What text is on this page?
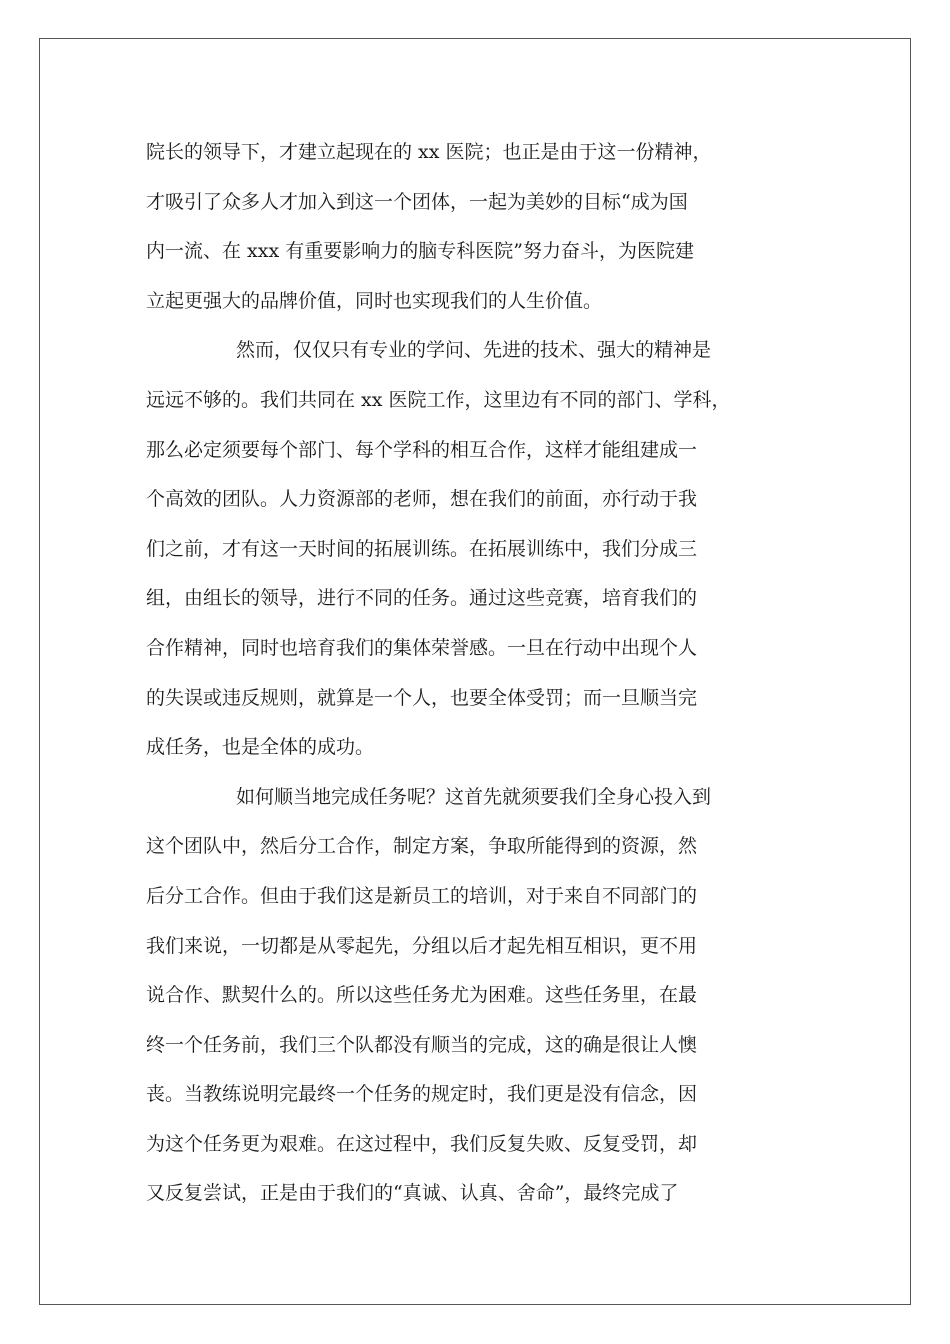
院长的领导下，才建立起现在的 xx 医院；也正是由于这一份精神，
才吸引了众多人才加入到这一个团体，一起为美妙的目标“成为国
内一流、在 xxx 有重要影响力的脑专科医院”努力奋斗，为医院建
立起更强大的品牌价值，同时也实现我们的人生价值。
然而，仅仅只有专业的学问、先进的技术、强大的精神是
远远不够的。我们共同在 xx 医院工作，这里边有不同的部门、学科，
那么必定须要每个部门、每个学科的相互合作，这样才能组建成一
个高效的团队。人力资源部的老师，想在我们的前面，亦行动于我
们之前，才有这一天时间的拓展训练。在拓展训练中，我们分成三
组，由组长的领导，进行不同的任务。通过这些竞赛，培育我们的
合作精神，同时也培育我们的集体荣誉感。一旦在行动中出现个人
的失误或违反规则，就算是一个人，也要全体受罚；而一旦顺当完
成任务，也是全体的成功。
如何顺当地完成任务呢？这首先就须要我们全身心投入到
这个团队中，然后分工合作，制定方案，争取所能得到的资源，然
后分工合作。但由于我们这是新员工的培训，对于来自不同部门的
我们来说，一切都是从零起先，分组以后才起先相互相识，更不用
说合作、默契什么的。所以这些任务尤为困难。这些任务里，在最
终一个任务前，我们三个队都没有顺当的完成，这的确是很让人懊
丧。当教练说明完最终一个任务的规定时，我们更是没有信念，因
为这个任务更为艰难。在这过程中，我们反复失败、反复受罚，却
又反复尝试，正是由于我们的“真诚、认真、舍命”，最终完成了
